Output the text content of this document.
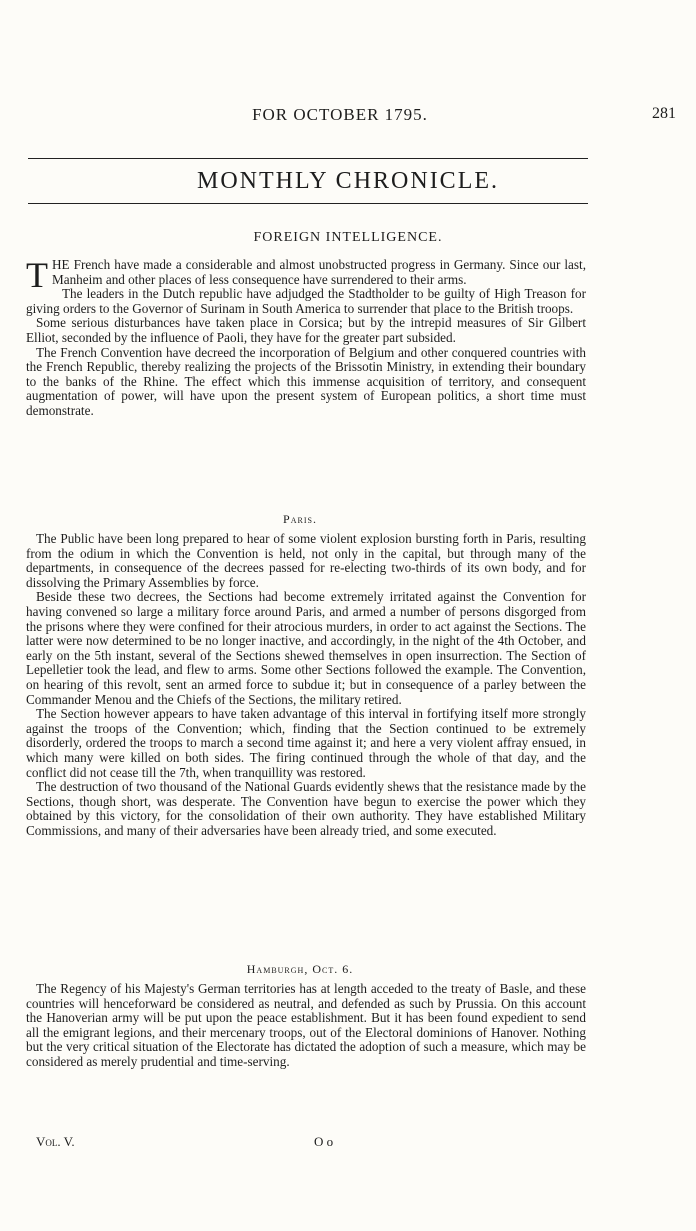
FOR OCTOBER 1795.	281
MONTHLY CHRONICLE.
FOREIGN INTELLIGENCE.

THE French have made a considerable and almost unobstructed progress in Germany. Since our last, Manheim and other places of less consequence have surrendered to their arms.

The leaders in the Dutch republic have adjudged the Stadtholder to be guilty of High Treason for giving orders to the Governor of Surinam in South America to surrender that place to the British troops.

Some serious disturbances have taken place in Corsica; but by the intrepid measures of Sir Gilbert Elliot, seconded by the influence of Paoli, they have for the greater part subsided.

The French Convention have decreed the incorporation of Belgium and other conquered countries with the French Republic, thereby realizing the projects of the Brissotin Ministry, in extending their boundary to the banks of the Rhine. The effect which this immense acquisition of territory, and consequent augmentation of power, will have upon the present system of European politics, a short time must demonstrate.

Paris.

The Public have been long prepared to hear of some violent explosion bursting forth in Paris, resulting from the odium in which the Convention is held, not only in the capital, but through many of the departments, in consequence of the decrees passed for re-electing two-thirds of its own body, and for dissolving the Primary Assemblies by force.

Beside these two decrees, the Sections had become extremely irritated against the Convention for having convened so large a military force around Paris, and armed a number of persons disgorged from the prisons where they were confined for their atrocious murders, in order to act against the Sections. The latter were now determined to be no longer inactive, and accordingly, in the night of the 4th October, and early on the 5th instant, several of the Sections shewed themselves in open insurrection. The Section of Lepelletier took the lead, and flew to arms. Some other Sections followed the example. The Convention, on hearing of this revolt, sent an armed force to subdue it; but in consequence of a parley between the Commander Menou and the Chiefs of the Sections, the military retired.

The Section however appears to have taken advantage of this interval in fortifying itself more strongly against the troops of the Convention; which, finding that the Section continued to be extremely disorderly, ordered the troops to march a second time against it; and here a very violent affray ensued, in which many were killed on both sides. The firing continued through the whole of that day, and the conflict did not cease till the 7th, when tranquillity was restored.

The destruction of two thousand of the National Guards evidently shews that the resistance made by the Sections, though short, was desperate. The Convention have begun to exercise the power which they obtained by this victory, for the consolidation of their own authority. They have established Military Commissions, and many of their adversaries have been already tried, and some executed.

Hamburgh, Oct. 6.

The Regency of his Majesty's German territories has at length acceded to the treaty of Basle, and these countries will henceforward be considered as neutral, and defended as such by Prussia. On this account the Hanoverian army will be put upon the peace establishment. But it has been found expedient to send all the emigrant legions, and their mercenary troops, out of the Electoral dominions of Hanover. Nothing but the very critical situation of the Electorate has dictated the adoption of such a measure, which may be considered as merely prudential and time-serving.

Vol. V.	O o
